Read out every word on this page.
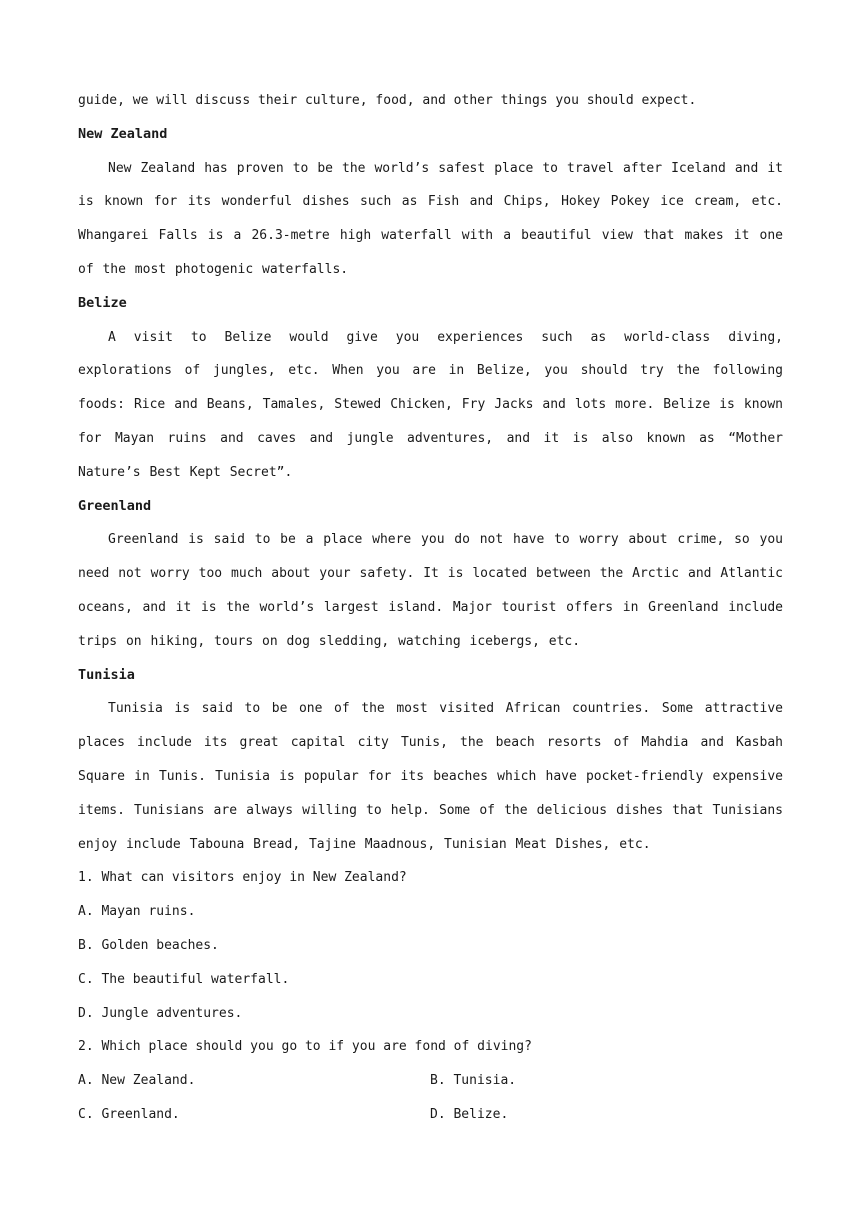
guide, we will discuss their culture, food, and other things you should expect.
New Zealand
New Zealand has proven to be the world’s safest place to travel after Iceland and it is known for its wonderful dishes such as Fish and Chips, Hokey Pokey ice cream, etc. Whangarei Falls is a 26.3-metre high waterfall with a beautiful view that makes it one of the most photogenic waterfalls.
Belize
A visit to Belize would give you experiences such as world-class diving, explorations of jungles, etc. When you are in Belize, you should try the following foods: Rice and Beans, Tamales, Stewed Chicken, Fry Jacks and lots more. Belize is known for Mayan ruins and caves and jungle adventures, and it is also known as “Mother Nature’s Best Kept Secret”.
Greenland
Greenland is said to be a place where you do not have to worry about crime, so you need not worry too much about your safety. It is located between the Arctic and Atlantic oceans, and it is the world’s largest island. Major tourist offers in Greenland include trips on hiking, tours on dog sledding, watching icebergs, etc.
Tunisia
Tunisia is said to be one of the most visited African countries. Some attractive places include its great capital city Tunis, the beach resorts of Mahdia and Kasbah Square in Tunis. Tunisia is popular for its beaches which have pocket-friendly expensive items. Tunisians are always willing to help. Some of the delicious dishes that Tunisians enjoy include Tabouna Bread, Tajine Maadnous, Tunisian Meat Dishes, etc.
1. What can visitors enjoy in New Zealand?
A. Mayan ruins.
B. Golden beaches.
C. The beautiful waterfall.
D. Jungle adventures.
2. Which place should you go to if you are fond of diving?
A. New Zealand.	B. Tunisia.
C. Greenland.	D. Belize.
